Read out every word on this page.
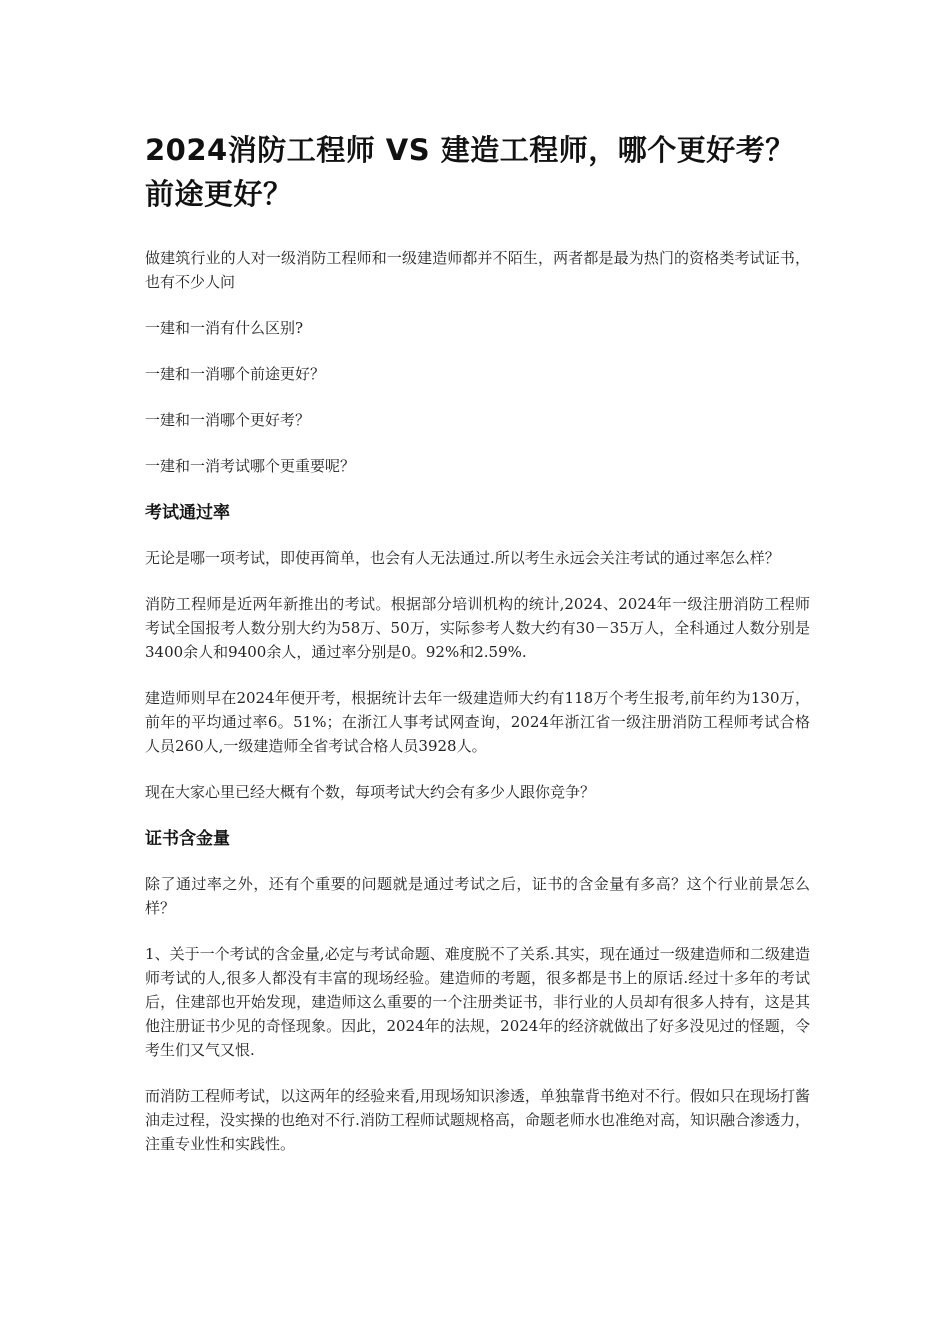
2024消防工程师 VS 建造工程师，哪个更好考？前途更好？

做建筑行业的人对一级消防工程师和一级建造师都并不陌生，两者都是最为热门的资格类考试证书，也有不少人问

一建和一消有什么区别?

一建和一消哪个前途更好？

一建和一消哪个更好考？

一建和一消考试哪个更重要呢？

考试通过率

无论是哪一项考试，即使再简单，也会有人无法通过.所以考生永远会关注考试的通过率怎么样？

消防工程师是近两年新推出的考试。根据部分培训机构的统计,2024、2024年一级注册消防工程师考试全国报考人数分别大约为58万、50万，实际参考人数大约有30－35万人，全科通过人数分别是3400余人和9400余人，通过率分别是0。92%和2.59%.

建造师则早在2024年便开考，根据统计去年一级建造师大约有118万个考生报考,前年约为130万，前年的平均通过率6。51%；在浙江人事考试网查询，2024年浙江省一级注册消防工程师考试合格人员260人,一级建造师全省考试合格人员3928人。

现在大家心里已经大概有个数，每项考试大约会有多少人跟你竞争？

证书含金量

除了通过率之外，还有个重要的问题就是通过考试之后，证书的含金量有多高？这个行业前景怎么样？

1、关于一个考试的含金量,必定与考试命题、难度脱不了关系.其实，现在通过一级建造师和二级建造师考试的人,很多人都没有丰富的现场经验。建造师的考题，很多都是书上的原话.经过十多年的考试后，住建部也开始发现，建造师这么重要的一个注册类证书，非行业的人员却有很多人持有，这是其他注册证书少见的奇怪现象。因此，2024年的法规，2024年的经济就做出了好多没见过的怪题，令考生们又气又恨.

而消防工程师考试，以这两年的经验来看,用现场知识渗透，单独靠背书绝对不行。假如只在现场打酱油走过程，没实操的也绝对不行.消防工程师试题规格高，命题老师水也准绝对高，知识融合渗透力，注重专业性和实践性。
